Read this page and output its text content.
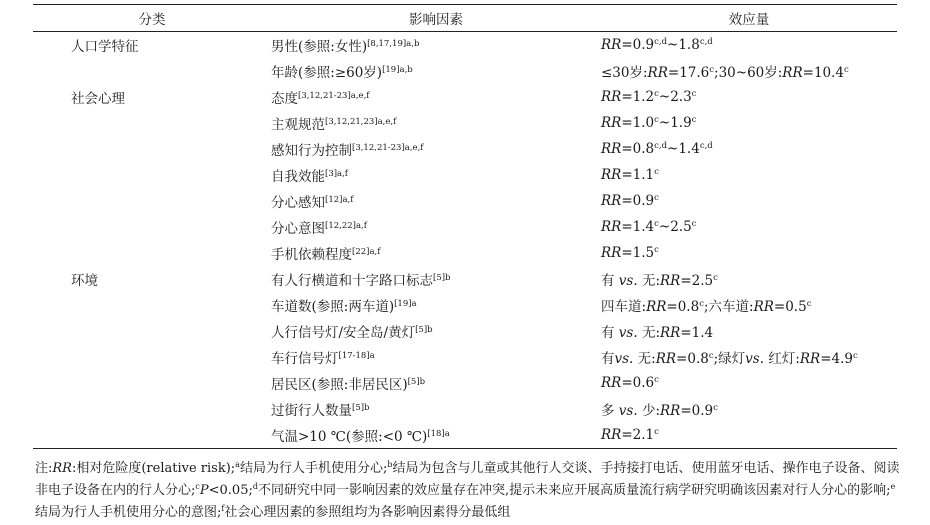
分类	影响因素	效应量
人口学特征	男性(参照:女性)$^{[8,17,19]a,b}$	$RR=0.9^{c,d}\sim 1.8^{c,d}$
	年龄(参照:≥60岁)$^{[19]a,b}$	≤30岁:RR=17.6$^c$;30~60岁:RR=10.4$^c$
社会心理	态度$^{[3,12,21-23]a,e,f}$	RR=1.2$^c$~2.3$^c$
	主观规范$^{[3,12,21,23]a,e,f}$	RR=1.0$^c$~1.9$^c$
	感知行为控制$^{[3,12,21-23]a,e,f}$	$RR=0.8^{c,d}\sim 1.4^{c,d}$
	自我效能$^{[3]a,f}$	RR=1.1$^c$
	分心感知$^{[12]a,f}$	RR=0.9$^c$
	分心意图$^{[12,22]a,f}$	RR=1.4$^c$~2.5$^c$
	手机依赖程度$^{[22]a,f}$	RR=1.5$^c$
环境	有人行横道和十字路口标志$^{[5]b}$	有 vs. 无:RR=2.5$^c$
	车道数(参照:两车道)$^{[19]a}$	四车道:RR=0.8$^c$;六车道:RR=0.5$^c$
	人行信号灯/安全岛/黄灯$^{[5]b}$	有 vs. 无:RR=1.4
	车行信号灯$^{[17-18]a}$	有vs. 无:RR=0.8$^c$;绿灯vs. 红灯:RR=4.9$^c$
	居民区(参照:非居民区)$^{[5]b}$	RR=0.6$^c$
	过街行人数量$^{[5]b}$	多 vs. 少:RR=0.9$^c$
	气温>10 ℃(参照:<0 ℃)$^{[18]a}$	RR=2.1$^c$
注:RR:相对危险度(relative risk);$^a$结局为行人手机使用分心;$^b$结局为包含与儿童或其他行人交谈、手持接打电话、使用蓝牙电话、操作电子设备、阅读非电子设备在内的行人分心;$^c$P<0.05;$^d$不同研究中同一影响因素的效应量存在冲突,提示未来应开展高质量流行病学研究明确该因素对行人分心的影响;$^e$结局为行人手机使用分心的意图;$^f$社会心理因素的参照组均为各影响因素得分最低组
